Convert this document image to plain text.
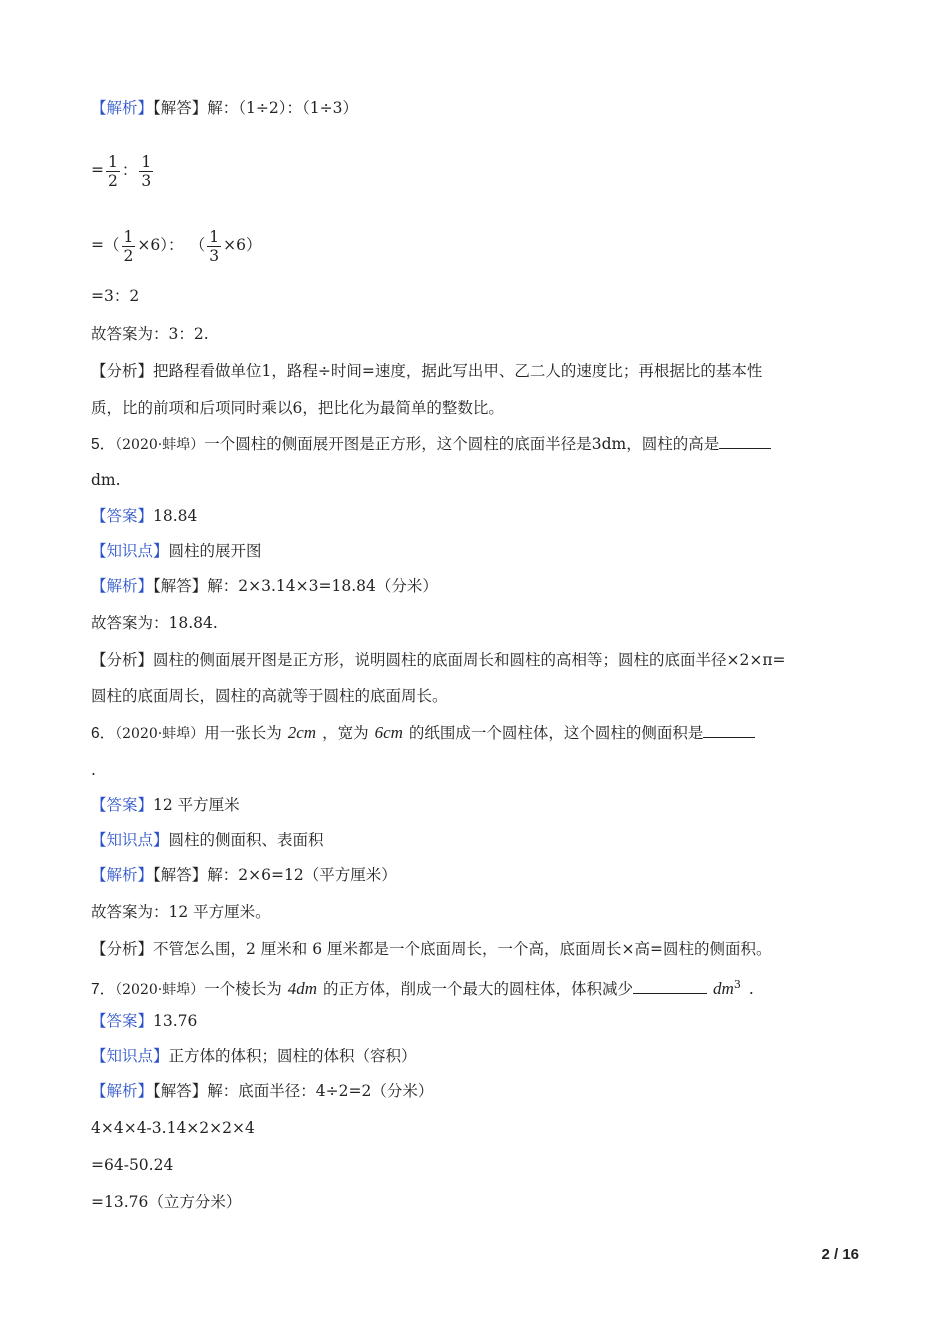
【解析】【解答】解：（1÷2）：（1÷3）
= $\frac{1}{2}$ ： $\frac{1}{3}$
=（ $\frac{1}{2} \times 6$）： （ $\frac{1}{3} \times 6$）
=3：2
故答案为：3：2.
【分析】把路程看做单位1，路程÷时间=速度，据此写出甲、乙二人的速度比；再根据比的基本性
质，比的前项和后项同时乘以6，把比化为最简单的整数比。
5．（2020·蚌埠）一个圆柱的侧面展开图是正方形，这个圆柱的底面半径是3dm，圆柱的高是
dm.
【答案】18.84
【知识点】圆柱的展开图
【解析】【解答】解：2×3.14×3=18.84（分米）
故答案为：18.84.
【分析】圆柱的侧面展开图是正方形，说明圆柱的底面周长和圆柱的高相等；圆柱的底面半径×2×π=
圆柱的底面周长，圆柱的高就等于圆柱的底面周长。
6．（2020·蚌埠）用一张长为 2cm ，宽为 6cm 的纸围成一个圆柱体，这个圆柱的侧面积是
.
【答案】12 平方厘米
【知识点】圆柱的侧面积、表面积
【解析】【解答】解：2×6=12（平方厘米）
故答案为：12 平方厘米。
【分析】不管怎么围，2 厘米和 6 厘米都是一个底面周长，一个高，底面周长×高=圆柱的侧面积。
7．（2020·蚌埠）一个棱长为 4dm 的正方体，削成一个最大的圆柱体，体积减少	$dm^3$ .
【答案】13.76
【知识点】正方体的体积；圆柱的体积（容积）
【解析】【解答】解：底面半径：4÷2=2（分米）
4×4×4-3.14×2×2×4
=64-50.24
=13.76（立方分米）
2 / 16
